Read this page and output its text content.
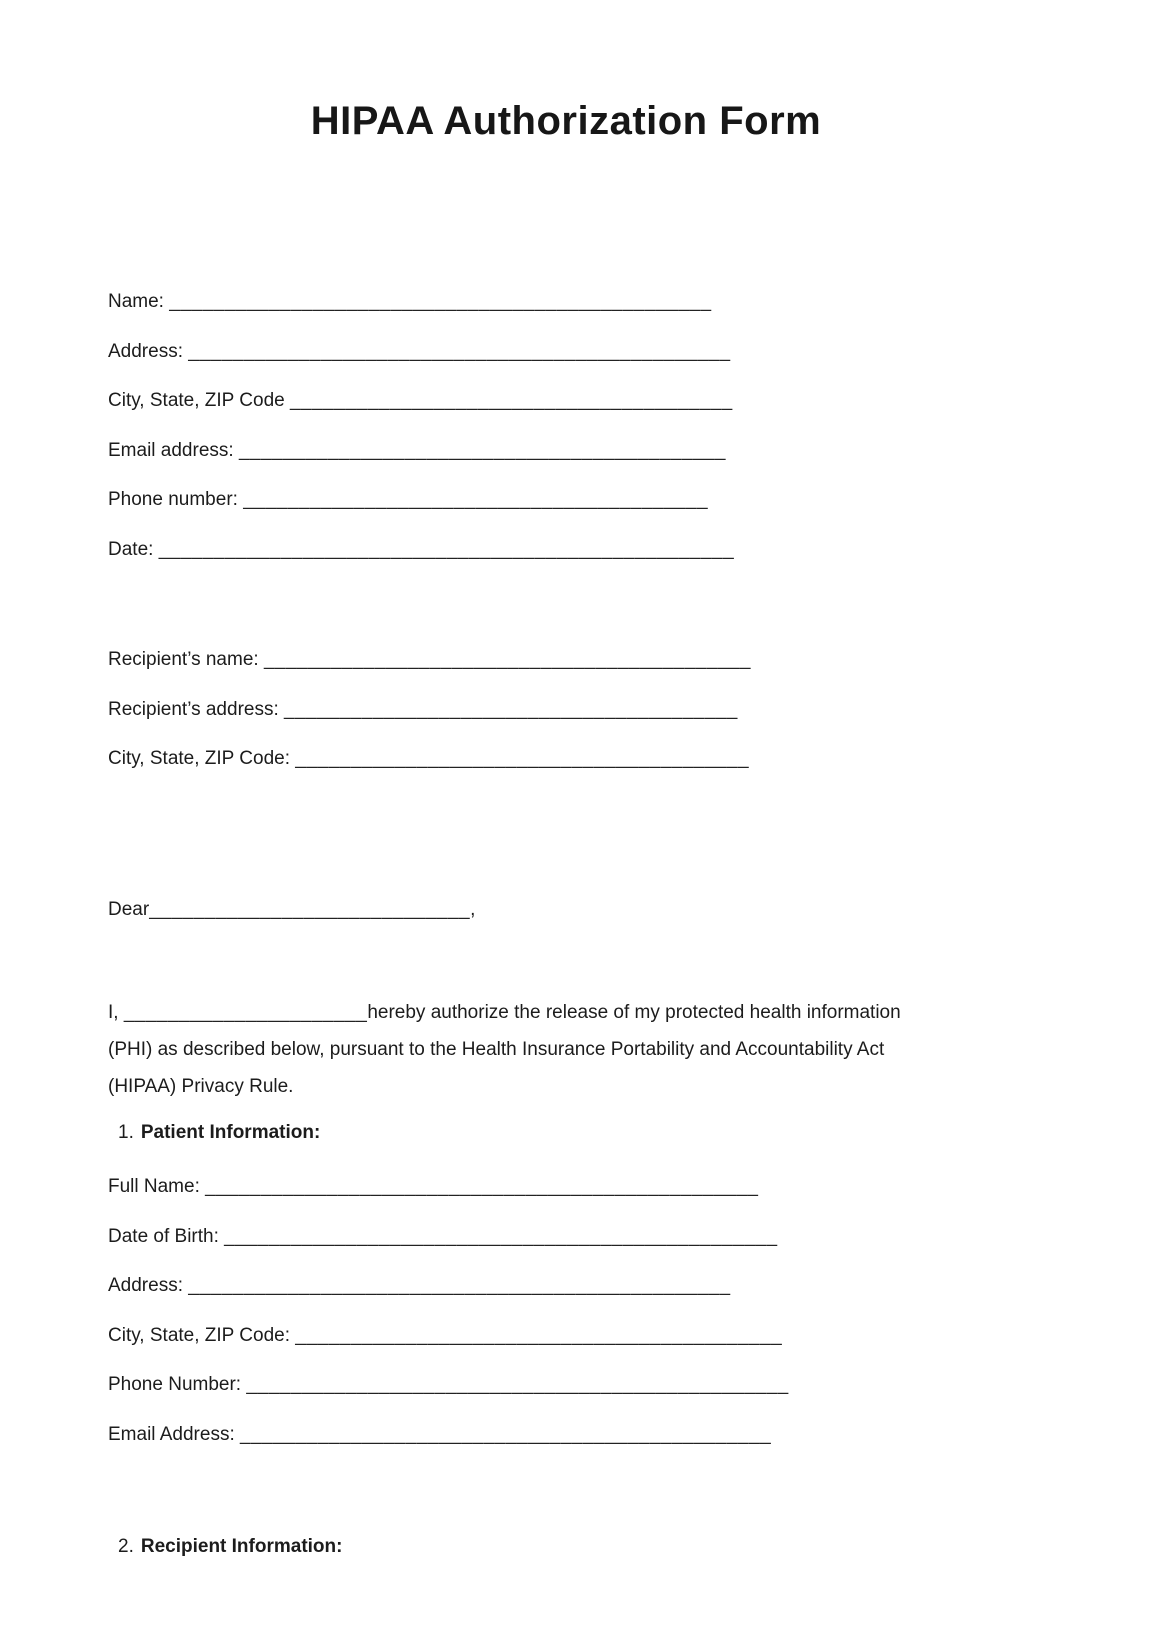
HIPAA Authorization Form
Name: _________________________________________________
Address: _________________________________________________
City, State, ZIP Code ________________________________________
Email address: ____________________________________________
Phone number: __________________________________________
Date: ____________________________________________________
Recipient’s name: ____________________________________________
Recipient’s address: _________________________________________
City, State, ZIP Code: _________________________________________
Dear_____________________________,
I, ______________________hereby authorize the release of my protected health information
(PHI) as described below, pursuant to the Health Insurance Portability and Accountability Act
(HIPAA) Privacy Rule.
1. Patient Information:
Full Name: __________________________________________________
Date of Birth: __________________________________________________
Address: _________________________________________________
City, State, ZIP Code: ____________________________________________
Phone Number: _________________________________________________
Email Address: ________________________________________________
2. Recipient Information:
